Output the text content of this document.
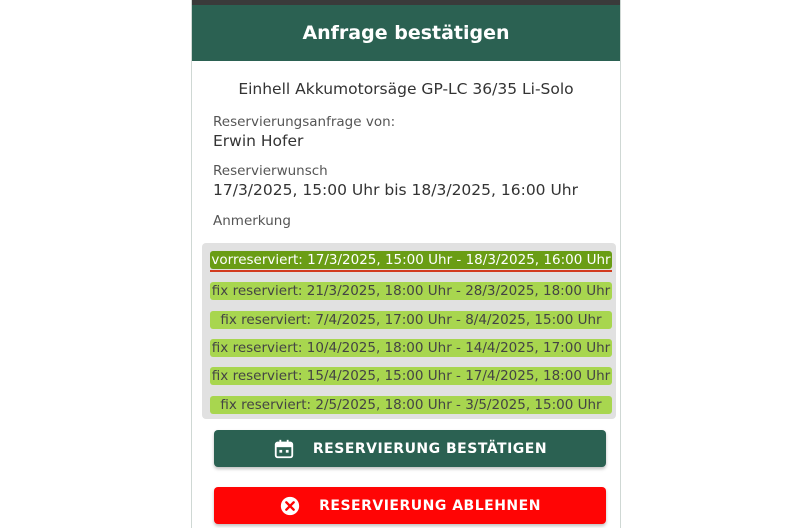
Anfrage bestätigen
Einhell Akkumotorsäge GP-LC 36/35 Li-Solo
Reservierungsanfrage von:
Erwin Hofer
Reservierwunsch
17/3/2025, 15:00 Uhr bis 18/3/2025, 16:00 Uhr
Anmerkung
vorreserviert: 17/3/2025, 15:00 Uhr - 18/3/2025, 16:00 Uhr
fix reserviert: 21/3/2025, 18:00 Uhr - 28/3/2025, 18:00 Uhr
fix reserviert: 7/4/2025, 17:00 Uhr - 8/4/2025, 15:00 Uhr
fix reserviert: 10/4/2025, 18:00 Uhr - 14/4/2025, 17:00 Uhr
fix reserviert: 15/4/2025, 15:00 Uhr - 17/4/2025, 18:00 Uhr
fix reserviert: 2/5/2025, 18:00 Uhr - 3/5/2025, 15:00 Uhr
RESERVIERUNG BESTÄTIGEN
RESERVIERUNG ABLEHNEN
